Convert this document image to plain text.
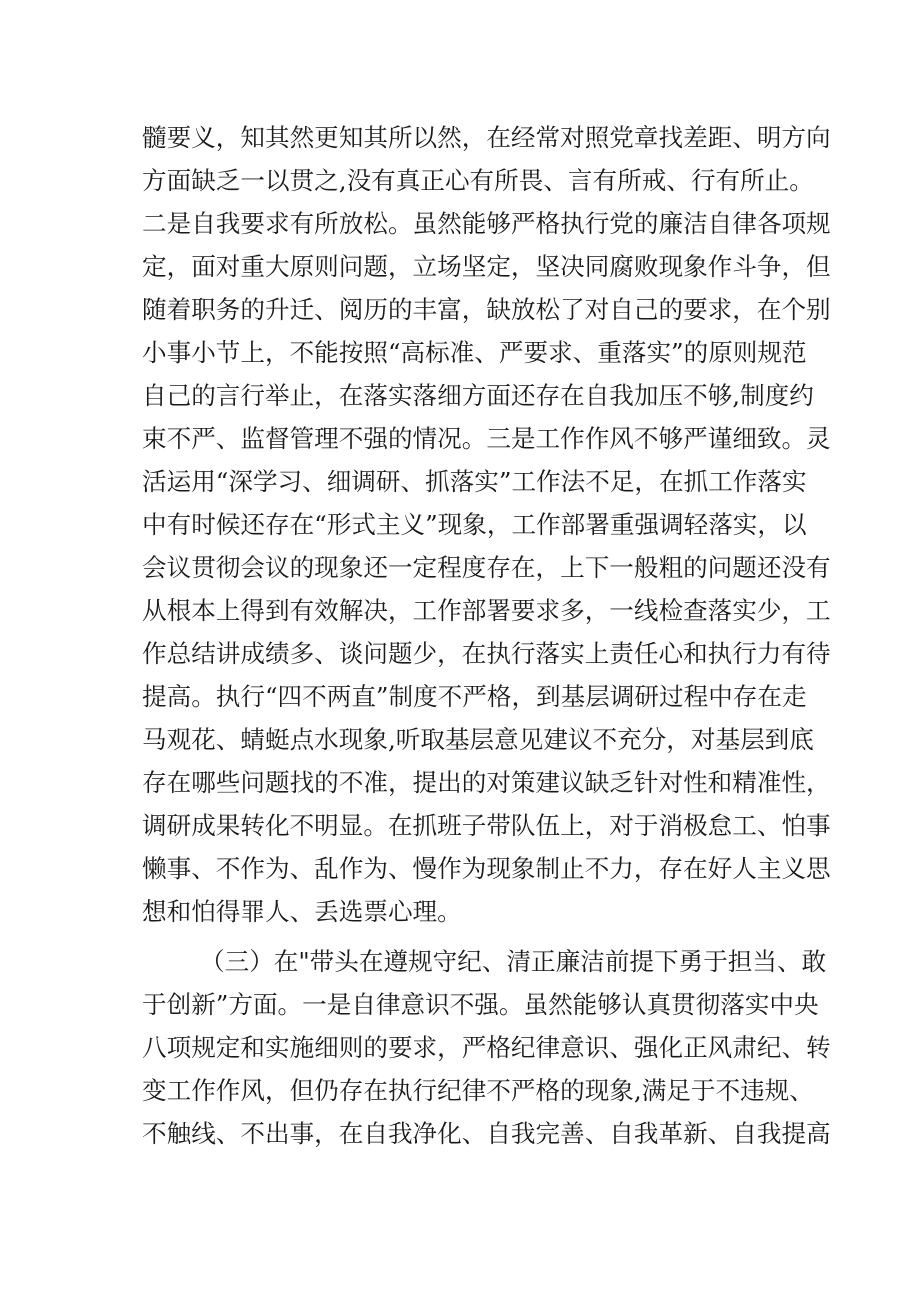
髓要义，知其然更知其所以然，在经常对照党章找差距、明方向
方面缺乏一以贯之,没有真正心有所畏、言有所戒、行有所止。
二是自我要求有所放松。虽然能够严格执行党的廉洁自律各项规
定，面对重大原则问题，立场坚定，坚决同腐败现象作斗争，但
随着职务的升迁、阅历的丰富，缺放松了对自己的要求，在个别
小事小节上，不能按照“高标准、严要求、重落实”的原则规范
自己的言行举止，在落实落细方面还存在自我加压不够,制度约
束不严、监督管理不强的情况。三是工作作风不够严谨细致。灵
活运用“深学习、细调研、抓落实”工作法不足，在抓工作落实
中有时候还存在“形式主义”现象，工作部署重强调轻落实，以
会议贯彻会议的现象还一定程度存在，上下一般粗的问题还没有
从根本上得到有效解决，工作部署要求多，一线检查落实少，工
作总结讲成绩多、谈问题少，在执行落实上责任心和执行力有待
提高。执行“四不两直”制度不严格，到基层调研过程中存在走
马观花、蜻蜓点水现象,听取基层意见建议不充分，对基层到底
存在哪些问题找的不准，提出的对策建议缺乏针对性和精准性，
调研成果转化不明显。在抓班子带队伍上，对于消极怠工、怕事
懒事、不作为、乱作为、慢作为现象制止不力，存在好人主义思
想和怕得罪人、丢选票心理。
（三）在"带头在遵规守纪、清正廉洁前提下勇于担当、敢
于创新”方面。一是自律意识不强。虽然能够认真贯彻落实中央
八项规定和实施细则的要求，严格纪律意识、强化正风肃纪、转
变工作作风，但仍存在执行纪律不严格的现象,满足于不违规、
不触线、不出事，在自我净化、自我完善、自我革新、自我提高
